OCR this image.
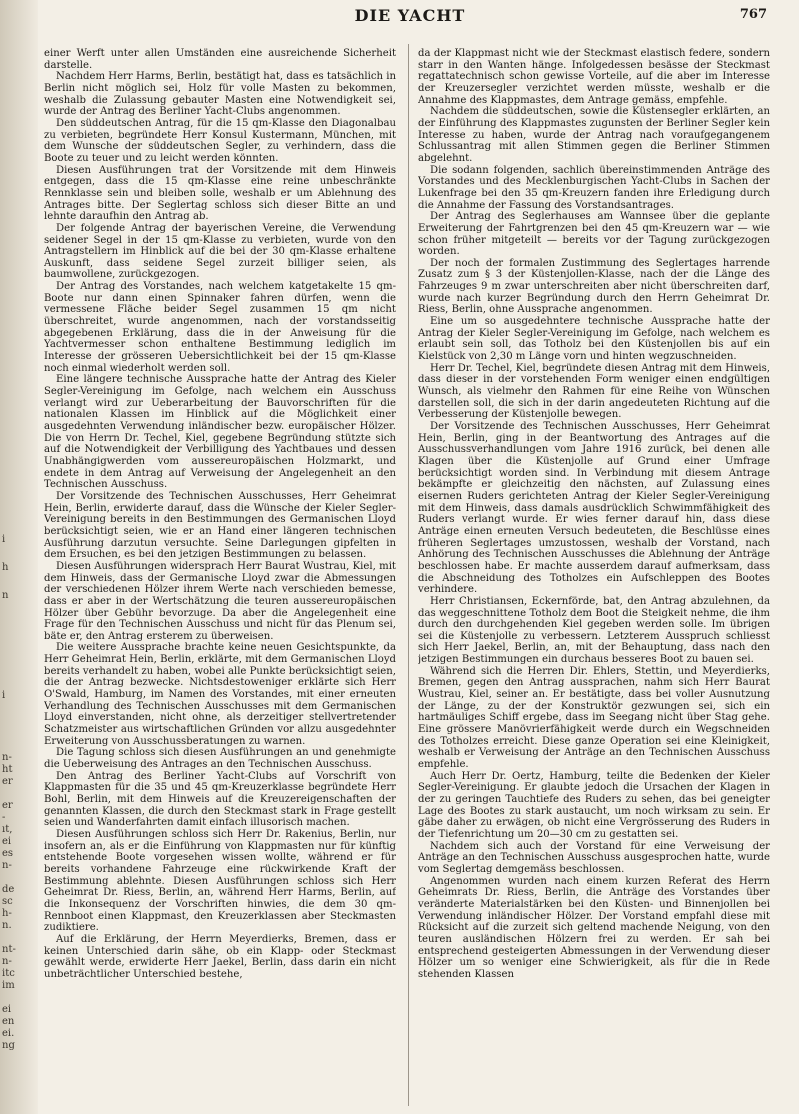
i
h
n
i
n-
ht
er
er
-
ıt,
ei
es
n-
de
sc
h-
n.
nt-
n-
itc
im
ei
en
ei.
ng
DIE YACHT	767

einer Werft unter allen Umständen eine ausreichende Sicherheit darstelle.

Nachdem Herr Harms, Berlin, bestätigt hat, dass es tatsächlich in Berlin nicht möglich sei, Holz für volle Masten zu bekommen, weshalb die Zulassung gebauter Masten eine Notwendigkeit sei, wurde der Antrag des Berliner Yacht-Clubs angenommen.

Den süddeutschen Antrag, für die 15 qm-Klasse den Diagonalbau zu verbieten, begründete Herr Konsul Kustermann, München, mit dem Wunsche der süddeutschen Segler, zu verhindern, dass die Boote zu teuer und zu leicht werden könnten.

Diesen Ausführungen trat der Vorsitzende mit dem Hinweis entgegen, dass die 15 qm-Klasse eine reine unbeschränkte Rennklasse sein und bleiben solle, weshalb er um Ablehnung des Antrages bitte. Der Seglertag schloss sich dieser Bitte an und lehnte daraufhin den Antrag ab.

Der folgende Antrag der bayerischen Vereine, die Verwendung seidener Segel in der 15 qm-Klasse zu verbieten, wurde von den Antragstellern im Hinblick auf die bei der 30 qm-Klasse erhaltene Auskunft, dass seidene Segel zurzeit billiger seien, als baumwollene, zurückgezogen.

Der Antrag des Vorstandes, nach welchem katgetakelte 15 qm-Boote nur dann einen Spinnaker fahren dürfen, wenn die vermessene Fläche beider Segel zusammen 15 qm nicht überschreitet, wurde angenommen, nach der vorstandsseitig abgegebenen Erklärung, dass die in der Anweisung für die Yachtvermesser schon enthaltene Bestimmung lediglich im Interesse der grösseren Uebersichtlichkeit bei der 15 qm-Klasse noch einmal wiederholt werden soll.

Eine längere technische Aussprache hatte der Antrag des Kieler Segler-Vereinigung im Gefolge, nach welchem ein Ausschuss verlangt wird zur Ueberarbeitung der Bauvorschriften für die nationalen Klassen im Hinblick auf die Möglichkeit einer ausgedehnten Verwendung inländischer bezw. europäischer Hölzer. Die von Herrn Dr. Techel, Kiel, gegebene Begründung stützte sich auf die Notwendigkeit der Verbilligung des Yachtbaues und dessen Unabhängigwerden vom aussereuropäischen Holzmarkt, und endete in dem Antrag auf Verweisung der Angelegenheit an den Technischen Ausschuss.

Der Vorsitzende des Technischen Ausschusses, Herr Geheimrat Hein, Berlin, erwiderte darauf, dass die Wünsche der Kieler Segler-Vereinigung bereits in den Bestimmungen des Germanischen Lloyd berücksichtigt seien, wie er an Hand einer längeren technischen Ausführung darzutun versuchte. Seine Darlegungen gipfelten in dem Ersuchen, es bei den jetzigen Bestimmungen zu belassen.

Diesen Ausführungen widersprach Herr Baurat Wustrau, Kiel, mit dem Hinweis, dass der Germanische Lloyd zwar die Abmessungen der verschiedenen Hölzer ihrem Werte nach verschieden bemesse, dass er aber in der Wertschätzung die teuren aussereuropäischen Hölzer über Gebühr bevorzuge. Da aber die Angelegenheit eine Frage für den Technischen Ausschuss und nicht für das Plenum sei, bäte er, den Antrag ersterem zu überweisen.

Die weitere Aussprache brachte keine neuen Gesichtspunkte, da Herr Geheimrat Hein, Berlin, erklärte, mit dem Germanischen Lloyd bereits verhandelt zu haben, wobei alle Punkte berücksichtigt seien, die der Antrag bezwecke. Nichtsdestoweniger erklärte sich Herr O'Swald, Hamburg, im Namen des Vorstandes, mit einer erneuten Verhandlung des Technischen Ausschusses mit dem Germanischen Lloyd einverstanden, nicht ohne, als derzeitiger stellvertretender Schatzmeister aus wirtschaftlichen Gründen vor allzu ausgedehnter Erweiterung von Ausschussberatungen zu warnen.

Die Tagung schloss sich diesen Ausführungen an und genehmigte die Ueberweisung des Antrages an den Technischen Ausschuss.

Den Antrag des Berliner Yacht-Clubs auf Vorschrift von Klappmasten für die 35 und 45 qm-Kreuzerklasse begründete Herr Bohl, Berlin, mit dem Hinweis auf die Kreuzereigenschaften der genannten Klassen, die durch den Steckmast stark in Frage gestellt seien und Wanderfahrten damit einfach illusorisch machen.

Diesen Ausführungen schloss sich Herr Dr. Rakenius, Berlin, nur insofern an, als er die Einführung von Klappmasten nur für künftig entstehende Boote vorgesehen wissen wollte, während er für bereits vorhandene Fahrzeuge eine rückwirkende Kraft der Bestimmung ablehnte. Diesen Ausführungen schloss sich Herr Geheimrat Dr. Riess, Berlin, an, während Herr Harms, Berlin, auf die Inkonsequenz der Vorschriften hinwies, die dem 30 qm-Rennboot einen Klappmast, den Kreuzerklassen aber Steckmasten zudiktiere.

Auf die Erklärung, der Herrn Meyerdierks, Bremen, dass er keinen Unterschied darin sähe, ob ein Klapp- oder Steckmast gewählt werde, erwiderte Herr Jaekel, Berlin, dass darin ein nicht unbeträchtlicher Unterschied bestehe,

da der Klappmast nicht wie der Steckmast elastisch federe, sondern starr in den Wanten hänge. Infolgedessen besässe der Steckmast regattatechnisch schon gewisse Vorteile, auf die aber im Interesse der Kreuzersegler verzichtet werden müsste, weshalb er die Annahme des Klappmastes, dem Antrage gemäss, empfehle.

Nachdem die süddeutschen, sowie die Küstensegler erklärten, an der Einführung des Klappmastes zugunsten der Berliner Segler kein Interesse zu haben, wurde der Antrag nach voraufgegangenem Schlussantrag mit allen Stimmen gegen die Berliner Stimmen abgelehnt.

Die sodann folgenden, sachlich übereinstimmenden Anträge des Vorstandes und des Mecklenburgischen Yacht-Clubs in Sachen der Lukenfrage bei den 35 qm-Kreuzern fanden ihre Erledigung durch die Annahme der Fassung des Vorstandsantrages.

Der Antrag des Seglerhauses am Wannsee über die geplante Erweiterung der Fahrtgrenzen bei den 45 qm-Kreuzern war — wie schon früher mitgeteilt — bereits vor der Tagung zurückgezogen worden.

Der noch der formalen Zustimmung des Seglertages harrende Zusatz zum § 3 der Küstenjollen-Klasse, nach der die Länge des Fahrzeuges 9 m zwar unterschreiten aber nicht überschreiten darf, wurde nach kurzer Begründung durch den Herrn Geheimrat Dr. Riess, Berlin, ohne Aussprache angenommen.

Eine um so ausgedehntere technische Aussprache hatte der Antrag der Kieler Segler-Vereinigung im Gefolge, nach welchem es erlaubt sein soll, das Totholz bei den Küstenjollen bis auf ein Kielstück von 2,30 m Länge vorn und hinten wegzuschneiden.

Herr Dr. Techel, Kiel, begründete diesen Antrag mit dem Hinweis, dass dieser in der vorstehenden Form weniger einen endgültigen Wunsch, als vielmehr den Rahmen für eine Reihe von Wünschen darstellen soll, die sich in der darin angedeuteten Richtung auf die Verbesserung der Küstenjolle bewegen.

Der Vorsitzende des Technischen Ausschusses, Herr Geheimrat Hein, Berlin, ging in der Beantwortung des Antrages auf die Ausschussverhandlungen vom Jahre 1916 zurück, bei denen alle Klagen über die Küstenjolle auf Grund einer Umfrage berücksichtigt worden sind. In Verbindung mit diesem Antrage bekämpfte er gleichzeitig den nächsten, auf Zulassung eines eisernen Ruders gerichteten Antrag der Kieler Segler-Vereinigung mit dem Hinweis, dass damals ausdrücklich Schwimmfähigkeit des Ruders verlangt wurde. Er wies ferner darauf hin, dass diese Anträge einen erneuten Versuch bedeuteten, die Beschlüsse eines früheren Seglertages umzustossen, weshalb der Vorstand, nach Anhörung des Technischen Ausschusses die Ablehnung der Anträge beschlossen habe. Er machte ausserdem darauf aufmerksam, dass die Abschneidung des Totholzes ein Aufschleppen des Bootes verhindere.

Herr Christiansen, Eckernförde, bat, den Antrag abzulehnen, da das weggeschnittene Totholz dem Boot die Steigkeit nehme, die ihm durch den durchgehenden Kiel gegeben werden solle. Im übrigen sei die Küstenjolle zu verbessern. Letzterem Ausspruch schliesst sich Herr Jaekel, Berlin, an, mit der Behauptung, dass nach den jetzigen Bestimmungen ein durchaus besseres Boot zu bauen sei.

Während sich die Herren Dir. Ehlers, Stettin, und Meyerdierks, Bremen, gegen den Antrag aussprachen, nahm sich Herr Baurat Wustrau, Kiel, seiner an. Er bestätigte, dass bei voller Ausnutzung der Länge, zu der der Konstruktör gezwungen sei, sich ein hartmäuliges Schiff ergebe, dass im Seegang nicht über Stag gehe. Eine grössere Manövrierfähigkeit werde durch ein Wegschneiden des Totholzes erreicht. Diese ganze Operation sei eine Kleinigkeit, weshalb er Verweisung der Anträge an den Technischen Ausschuss empfehle.

Auch Herr Dr. Oertz, Hamburg, teilte die Bedenken der Kieler Segler-Vereinigung. Er glaubte jedoch die Ursachen der Klagen in der zu geringen Tauchtiefe des Ruders zu sehen, das bei geneigter Lage des Bootes zu stark austaucht, um noch wirksam zu sein. Er gäbe daher zu erwägen, ob nicht eine Vergrösserung des Ruders in der Tiefenrichtung um 20—30 cm zu gestatten sei.

Nachdem sich auch der Vorstand für eine Verweisung der Anträge an den Technischen Ausschuss ausgesprochen hatte, wurde vom Seglertag demgemäss beschlossen.

Angenommen wurden nach einem kurzen Referat des Herrn Geheimrats Dr. Riess, Berlin, die Anträge des Vorstandes über veränderte Materialstärken bei den Küsten- und Binnenjollen bei Verwendung inländischer Hölzer. Der Vorstand empfahl diese mit Rücksicht auf die zurzeit sich geltend machende Neigung, von den teuren ausländischen Hölzern frei zu werden. Er sah bei entsprechend gesteigerten Abmessungen in der Verwendung dieser Hölzer um so weniger eine Schwierigkeit, als für die in Rede stehenden Klassen
